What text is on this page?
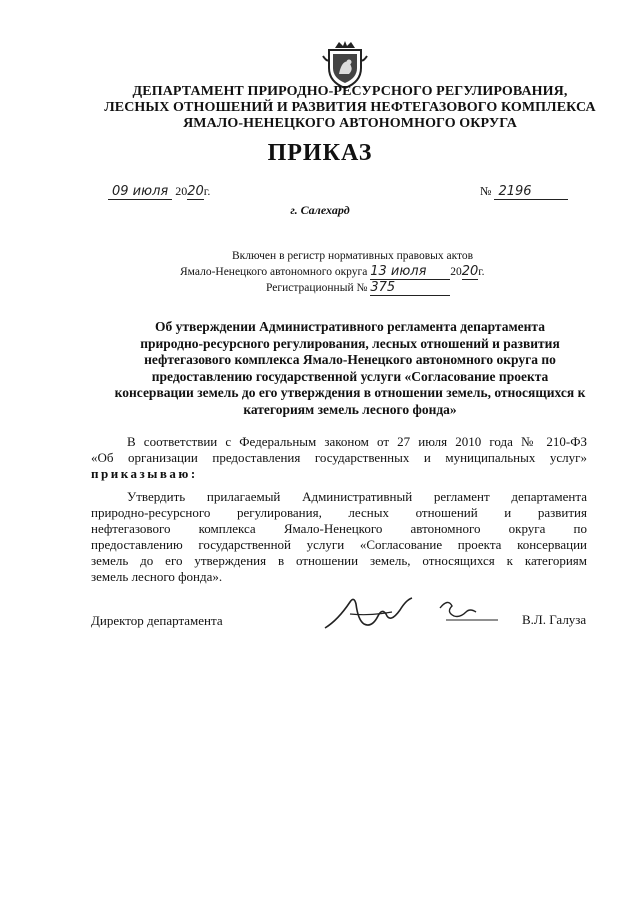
ДЕПАРТАМЕНТ ПРИРОДНО-РЕСУРСНОГО РЕГУЛИРОВАНИЯ,
ЛЕСНЫХ ОТНОШЕНИЙ И РАЗВИТИЯ НЕФТЕГАЗОВОГО КОМПЛЕКСА
ЯМАЛО-НЕНЕЦКОГО АВТОНОМНОГО ОКРУГА
ПРИКАЗ
09 июля 2020г.	№ 2196
г. Салехард
Включен в регистр нормативных правовых актов
Ямало-Ненецкого автономного округа 13 июля 2020г.
Регистрационный № 375
Об утверждении Административного регламента департамента
природно-ресурсного регулирования, лесных отношений и развития
нефтегазового комплекса Ямало-Ненецкого автономного округа по
предоставлению государственной услуги «Согласование проекта
консервации земель до его утверждения в отношении земель, относящихся к
категориям земель лесного фонда»
В соответствии с Федеральным законом от 27 июля 2010 года № 210-ФЗ
«Об организации предоставления государственных и муниципальных услуг»
приказываю:
Утвердить прилагаемый Административный регламент департамента
природно-ресурсного регулирования, лесных отношений и развития
нефтегазового комплекса Ямало-Ненецкого автономного округа по
предоставлению государственной услуги «Согласование проекта консервации
земель до его утверждения в отношении земель, относящихся к категориям
земель лесного фонда».
Директор департамента	В.Л. Галуза
